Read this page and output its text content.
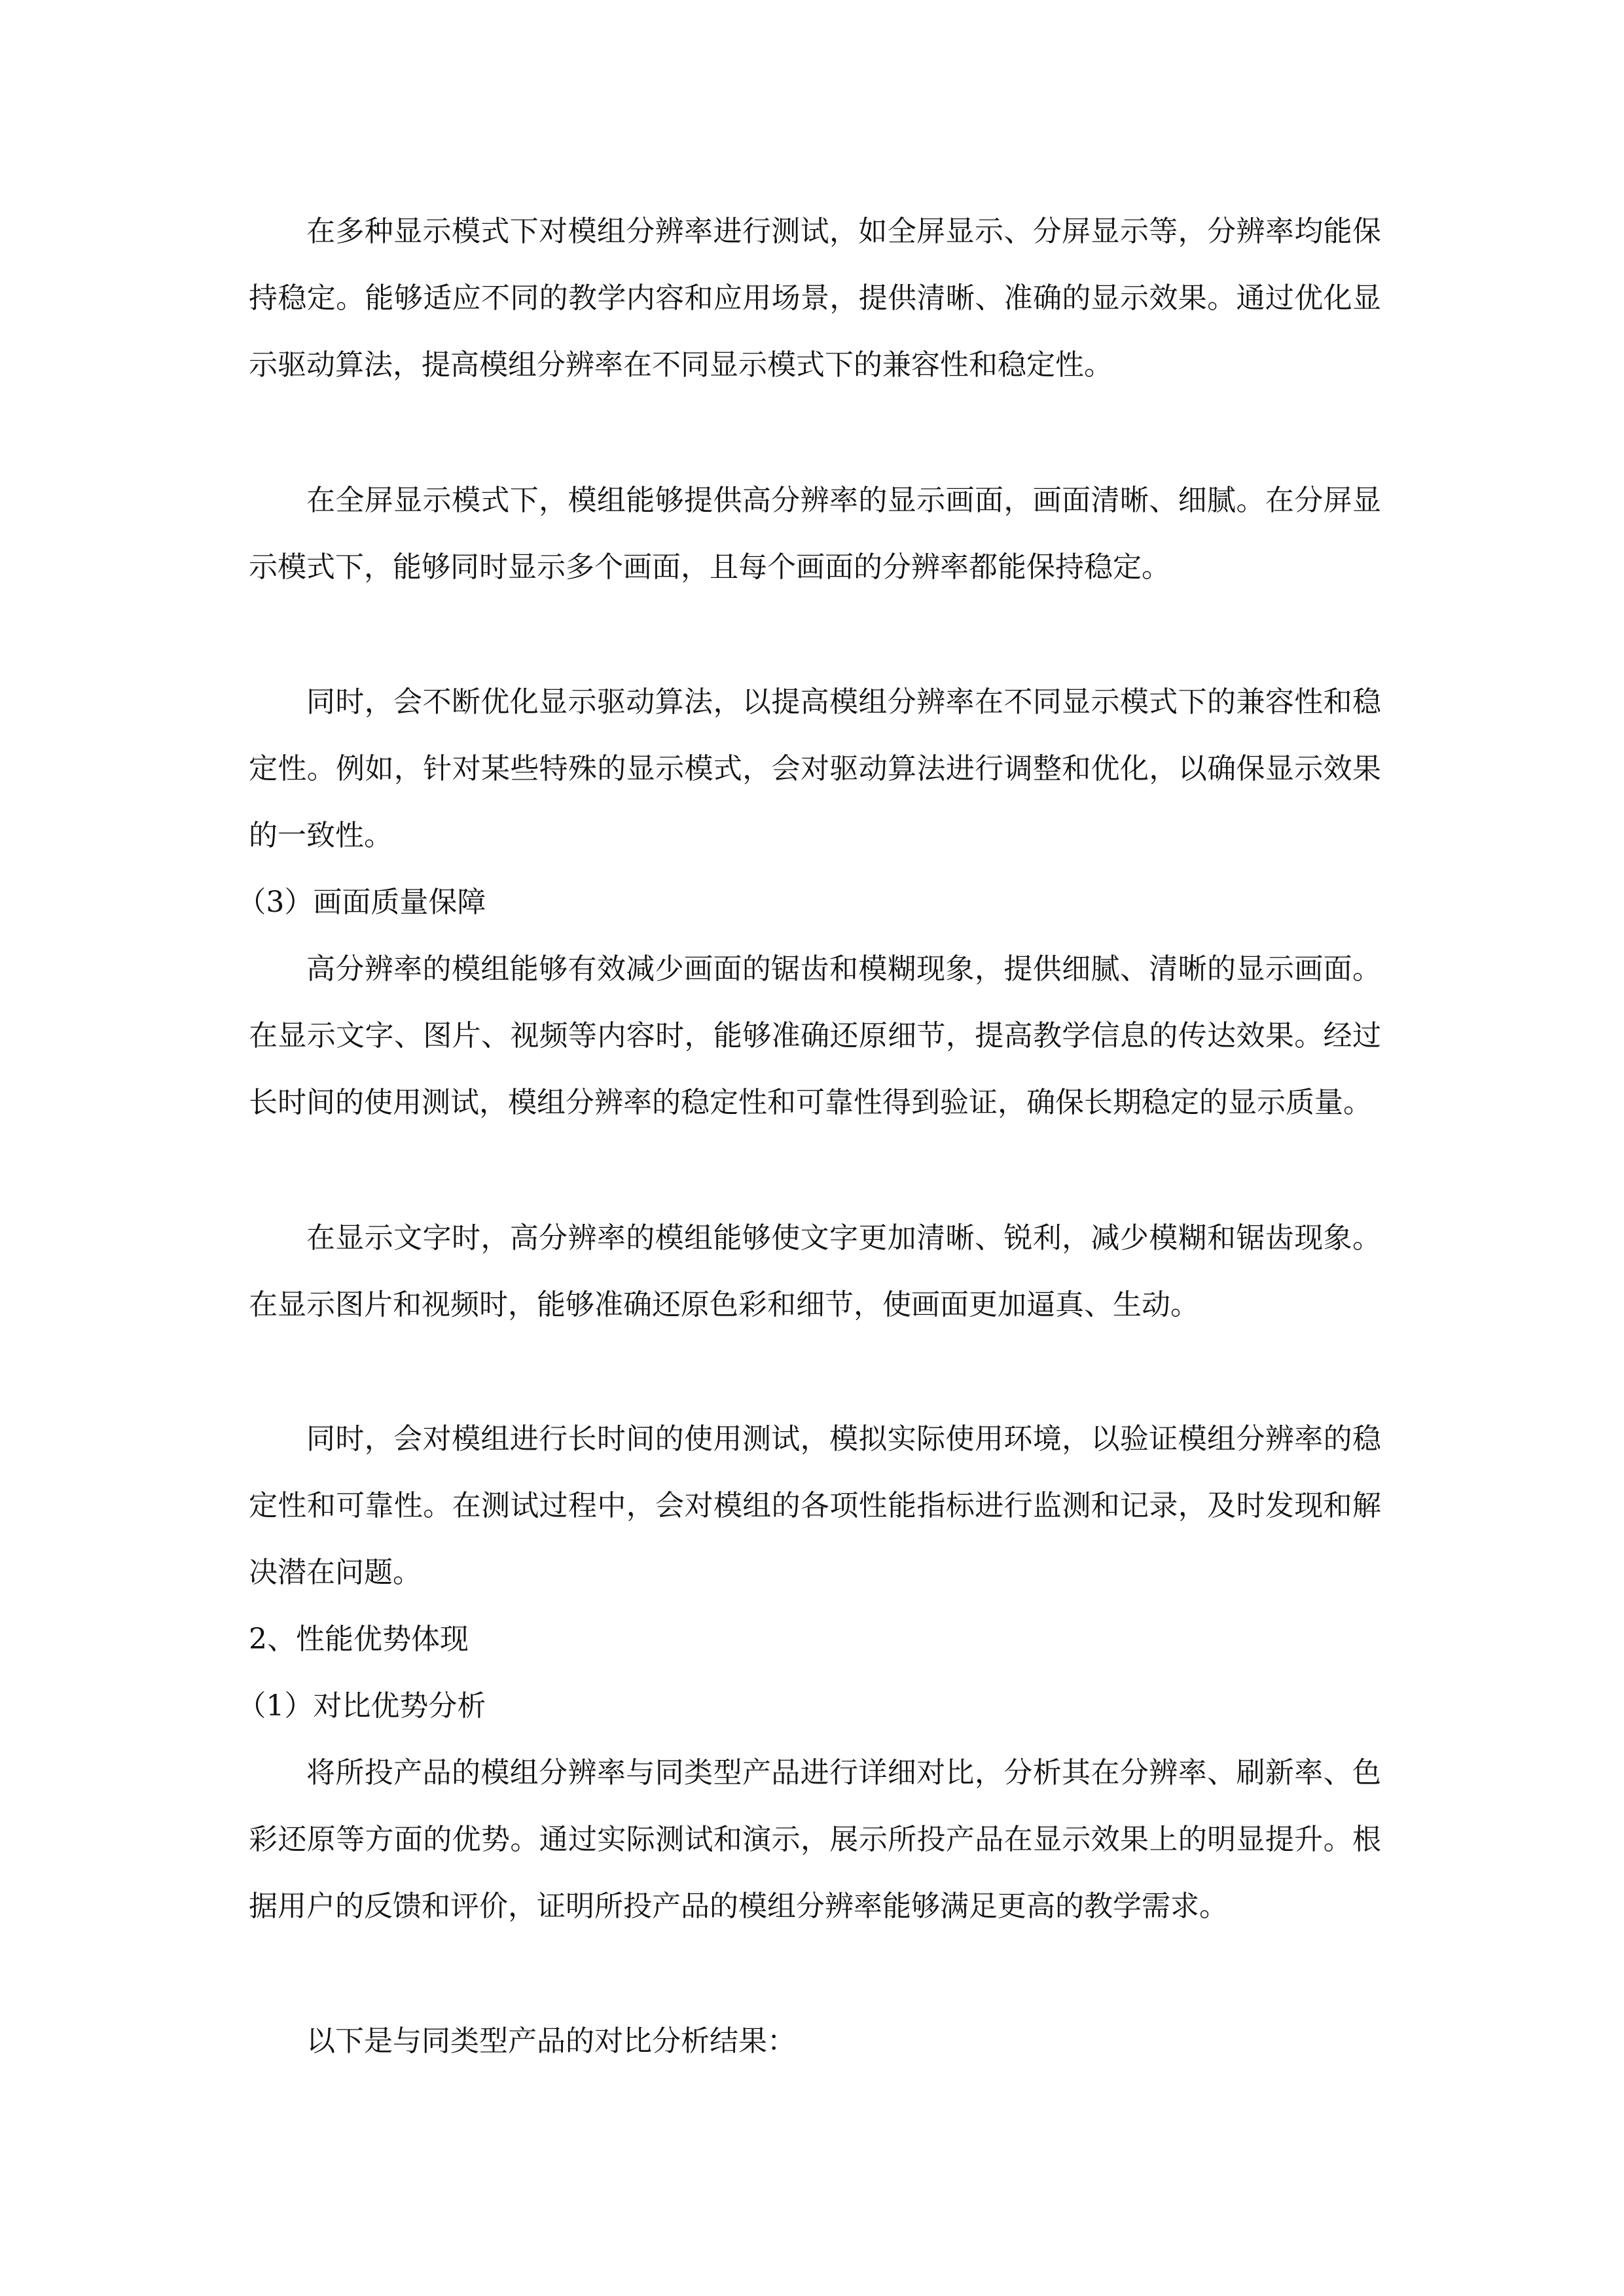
在多种显示模式下对模组分辨率进行测试，如全屏显示、分屏显示等，分辨率均能保持稳定。能够适应不同的教学内容和应用场景，提供清晰、准确的显示效果。通过优化显示驱动算法，提高模组分辨率在不同显示模式下的兼容性和稳定性。
在全屏显示模式下，模组能够提供高分辨率的显示画面，画面清晰、细腻。在分屏显示模式下，能够同时显示多个画面，且每个画面的分辨率都能保持稳定。
同时，会不断优化显示驱动算法，以提高模组分辨率在不同显示模式下的兼容性和稳定性。例如，针对某些特殊的显示模式，会对驱动算法进行调整和优化，以确保显示效果的一致性。
（3）画面质量保障
高分辨率的模组能够有效减少画面的锯齿和模糊现象，提供细腻、清晰的显示画面。在显示文字、图片、视频等内容时，能够准确还原细节，提高教学信息的传达效果。经过长时间的使用测试，模组分辨率的稳定性和可靠性得到验证，确保长期稳定的显示质量。
在显示文字时，高分辨率的模组能够使文字更加清晰、锐利，减少模糊和锯齿现象。在显示图片和视频时，能够准确还原色彩和细节，使画面更加逼真、生动。
同时，会对模组进行长时间的使用测试，模拟实际使用环境，以验证模组分辨率的稳定性和可靠性。在测试过程中，会对模组的各项性能指标进行监测和记录，及时发现和解决潜在问题。
2、性能优势体现
（1）对比优势分析
将所投产品的模组分辨率与同类型产品进行详细对比，分析其在分辨率、刷新率、色彩还原等方面的优势。通过实际测试和演示，展示所投产品在显示效果上的明显提升。根据用户的反馈和评价，证明所投产品的模组分辨率能够满足更高的教学需求。
以下是与同类型产品的对比分析结果：
